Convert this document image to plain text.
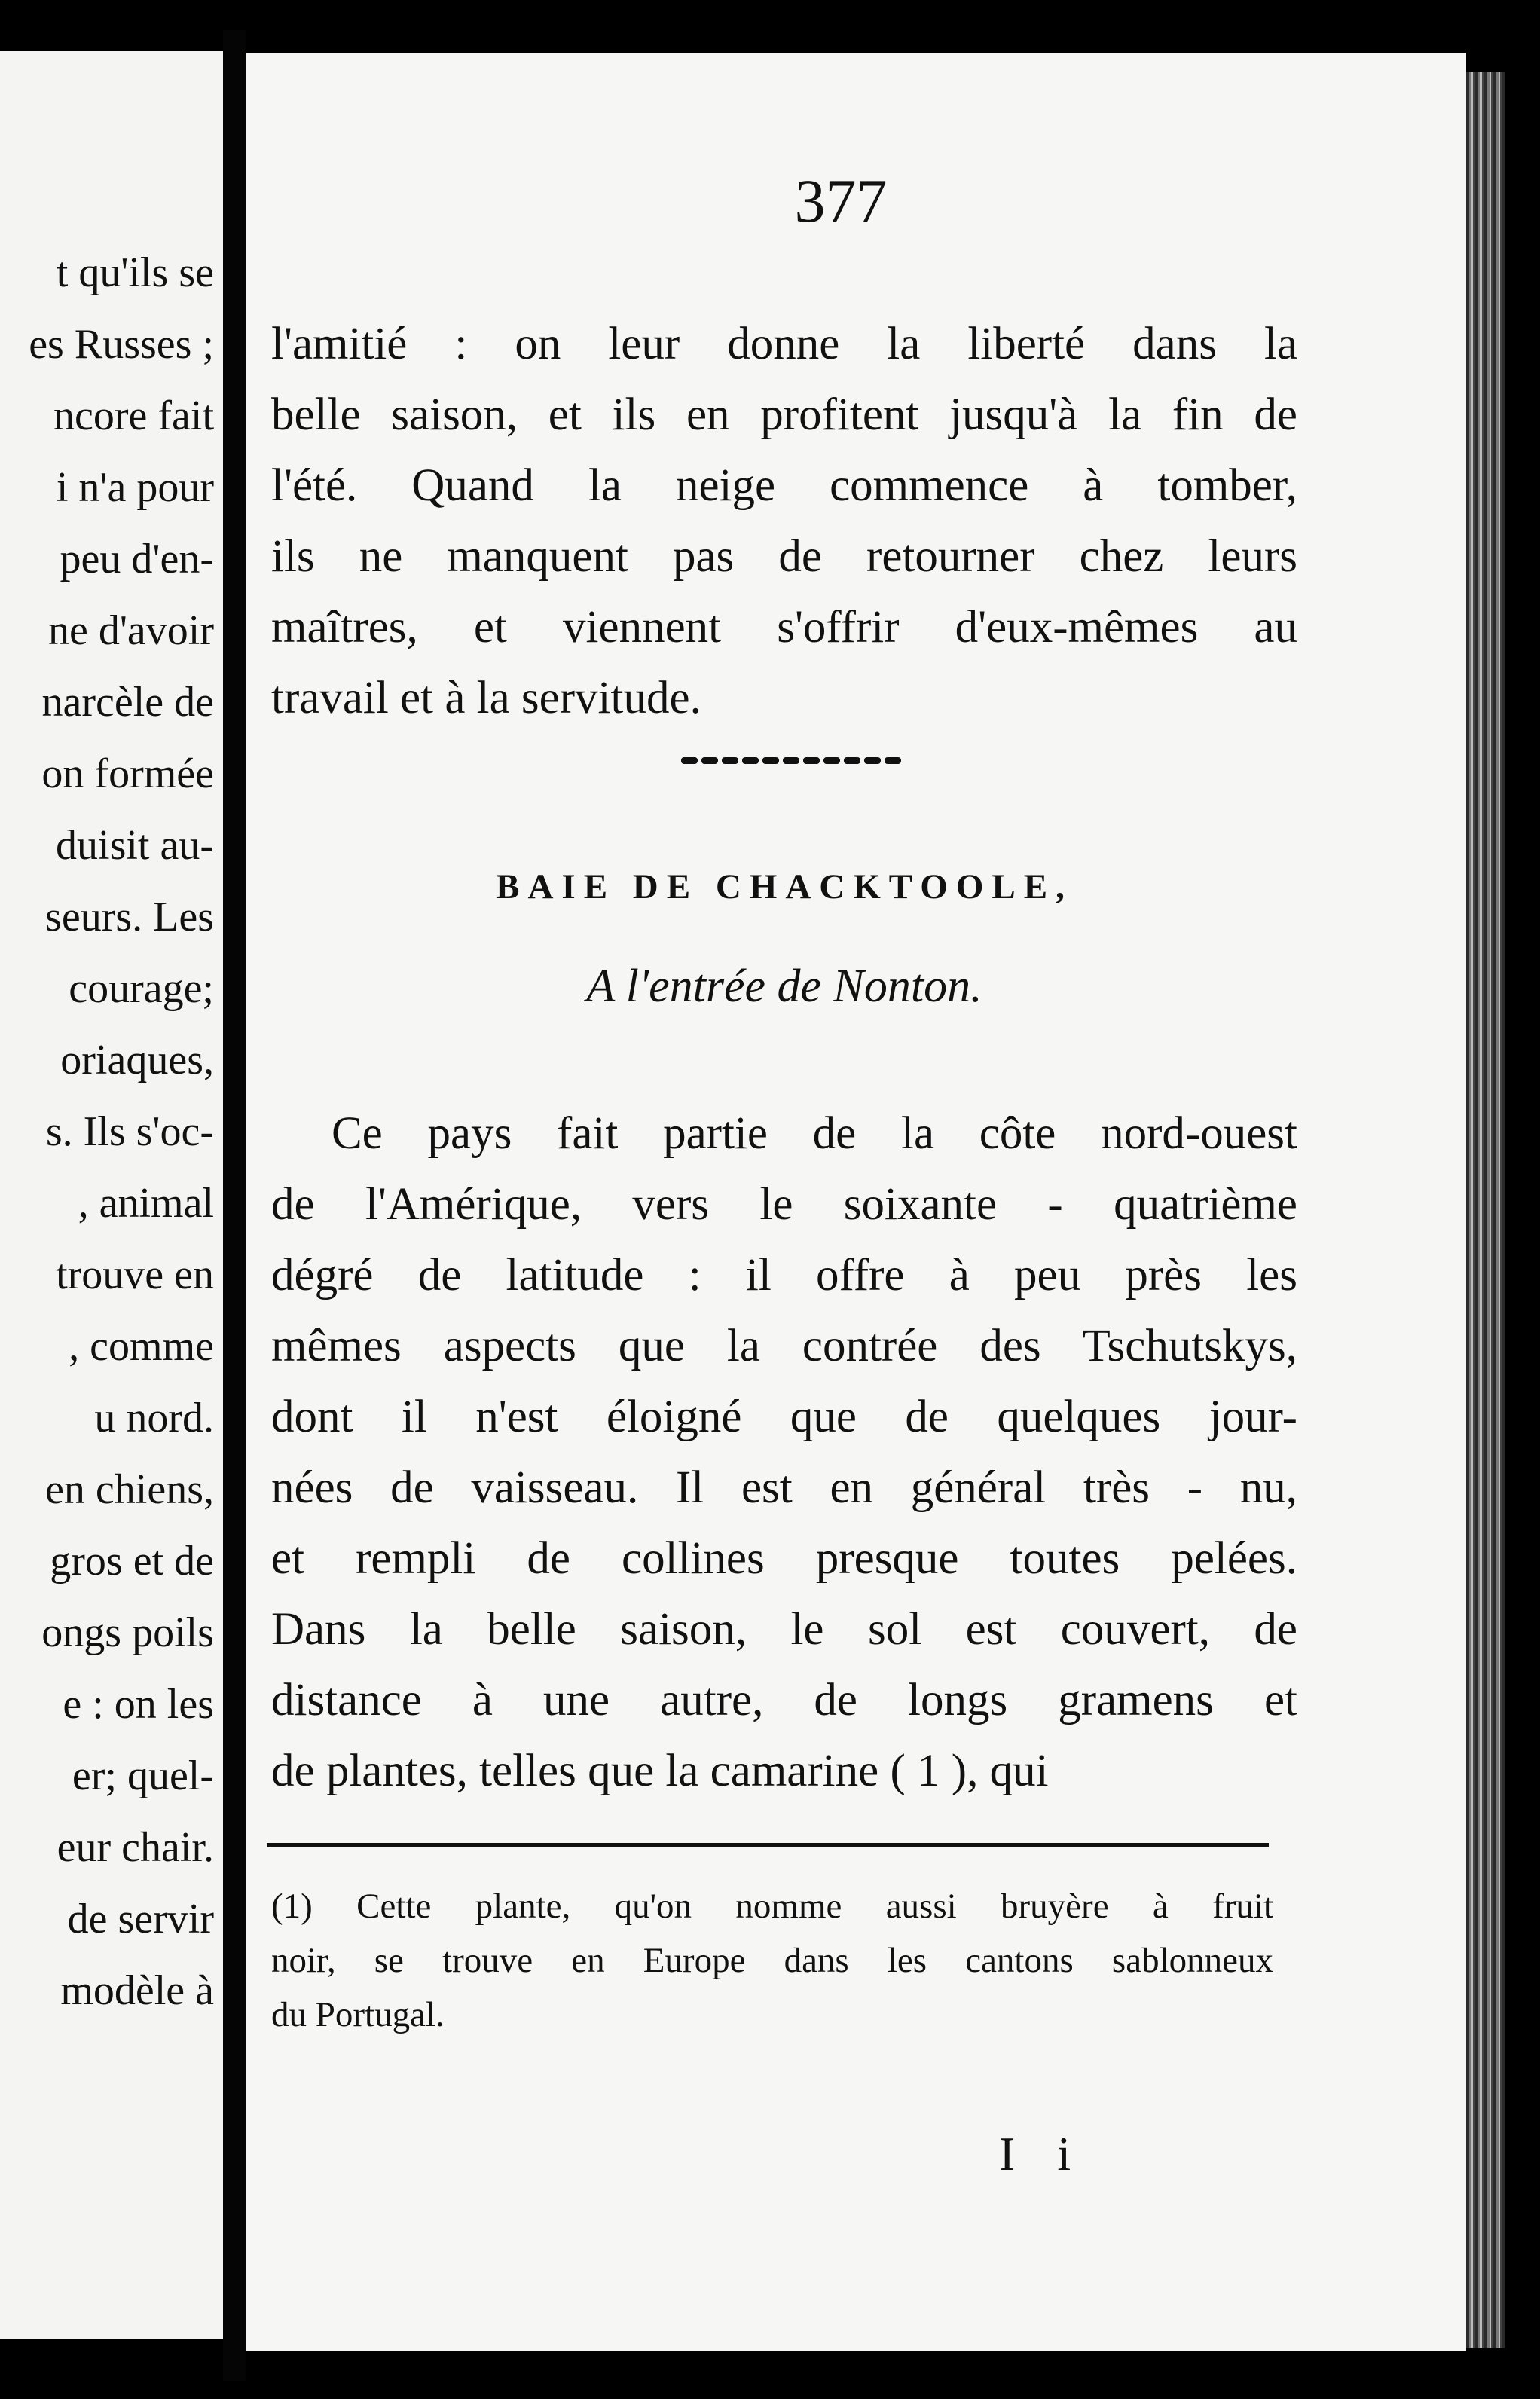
t qu'ils se
es Russes ;
ncore fait
i n'a pour
peu d'en-
ne d'avoir
narcèle de
on formée
duisit au-
seurs. Les
courage;
oriaques,
s. Ils s'oc-
, animal
trouve en
, comme
u nord.
en chiens,
gros et de
ongs poils
e : on les
er; quel-
eur chair.
de servir
modèle à
377
l'amitié : on leur donne la liberté dans la
belle saison, et ils en profitent jusqu'à la fin de
l'été. Quand la neige commence à tomber,
ils ne manquent pas de retourner chez leurs
maîtres, et viennent s'offrir d'eux-mêmes au
travail et à la servitude.
BAIE DE CHACKTOOLE,
A l'entrée de Nonton.
Ce pays fait partie de la côte nord-ouest
de l'Amérique, vers le soixante - quatrième
dégré de latitude : il offre à peu près les
mêmes aspects que la contrée des Tschutskys,
dont il n'est éloigné que de quelques jour-
nées de vaisseau. Il est en général très - nu,
et rempli de collines presque toutes pelées.
Dans la belle saison, le sol est couvert, de
distance à une autre, de longs gramens et
de plantes, telles que la camarine ( 1 ), qui
(1) Cette plante, qu'on nomme aussi bruyère à fruit
noir, se trouve en Europe dans les cantons sablonneux
du Portugal.
I i
